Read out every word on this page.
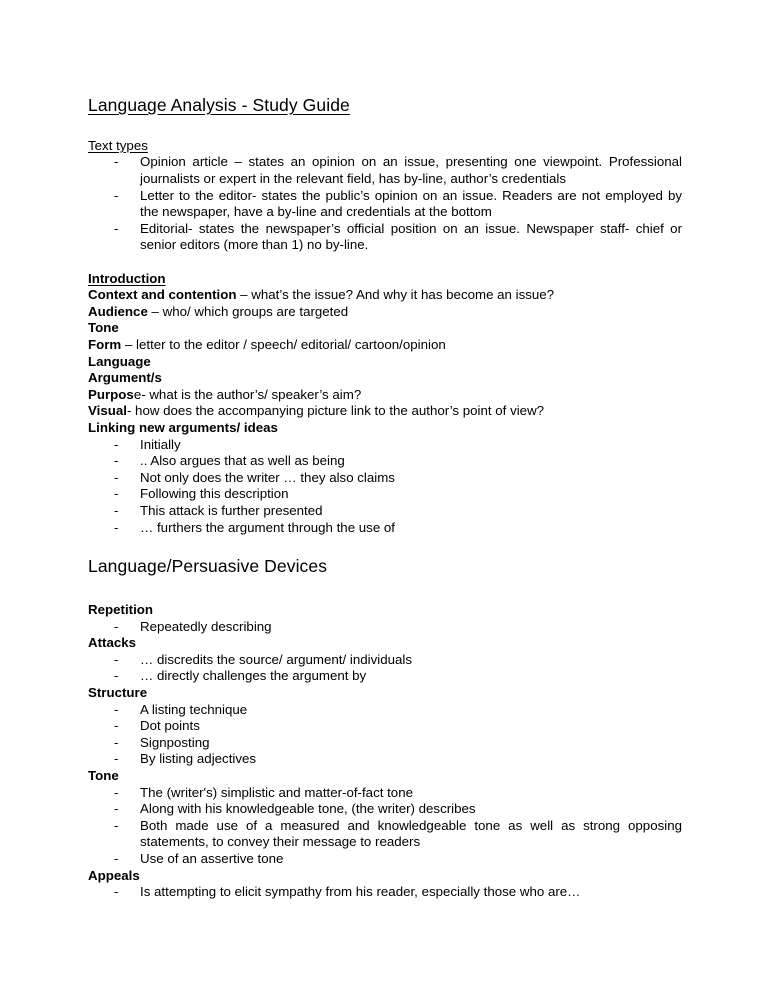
Language Analysis - Study Guide
Text types
- Opinion article – states an opinion on an issue, presenting one viewpoint. Professional journalists or expert in the relevant field, has by-line, author’s credentials
- Letter to the editor- states the public’s opinion on an issue. Readers are not employed by the newspaper, have a by-line and credentials at the bottom
- Editorial- states the newspaper’s official position on an issue. Newspaper staff- chief or senior editors (more than 1) no by-line.
Introduction
Context and contention – what’s the issue? And why it has become an issue?
Audience – who/ which groups are targeted
Tone
Form – letter to the editor / speech/ editorial/ cartoon/opinion
Language
Argument/s
Purpose- what is the author’s/ speaker’s aim?
Visual- how does the accompanying picture link to the author’s point of view?
Linking new arguments/ ideas
- Initially
- .. Also argues that as well as being
- Not only does the writer … they also claims
- Following this description
- This attack is further presented
- … furthers the argument through the use of
Language/Persuasive Devices
Repetition
- Repeatedly describing
Attacks
- … discredits the source/ argument/ individuals
- … directly challenges the argument by
Structure
- A listing technique
- Dot points
- Signposting
- By listing adjectives
Tone
- The (writer's) simplistic and matter-of-fact tone
- Along with his knowledgeable tone, (the writer) describes
- Both made use of a measured and knowledgeable tone as well as strong opposing statements, to convey their message to readers
- Use of an assertive tone
Appeals
- Is attempting to elicit sympathy from his reader, especially those who are…
